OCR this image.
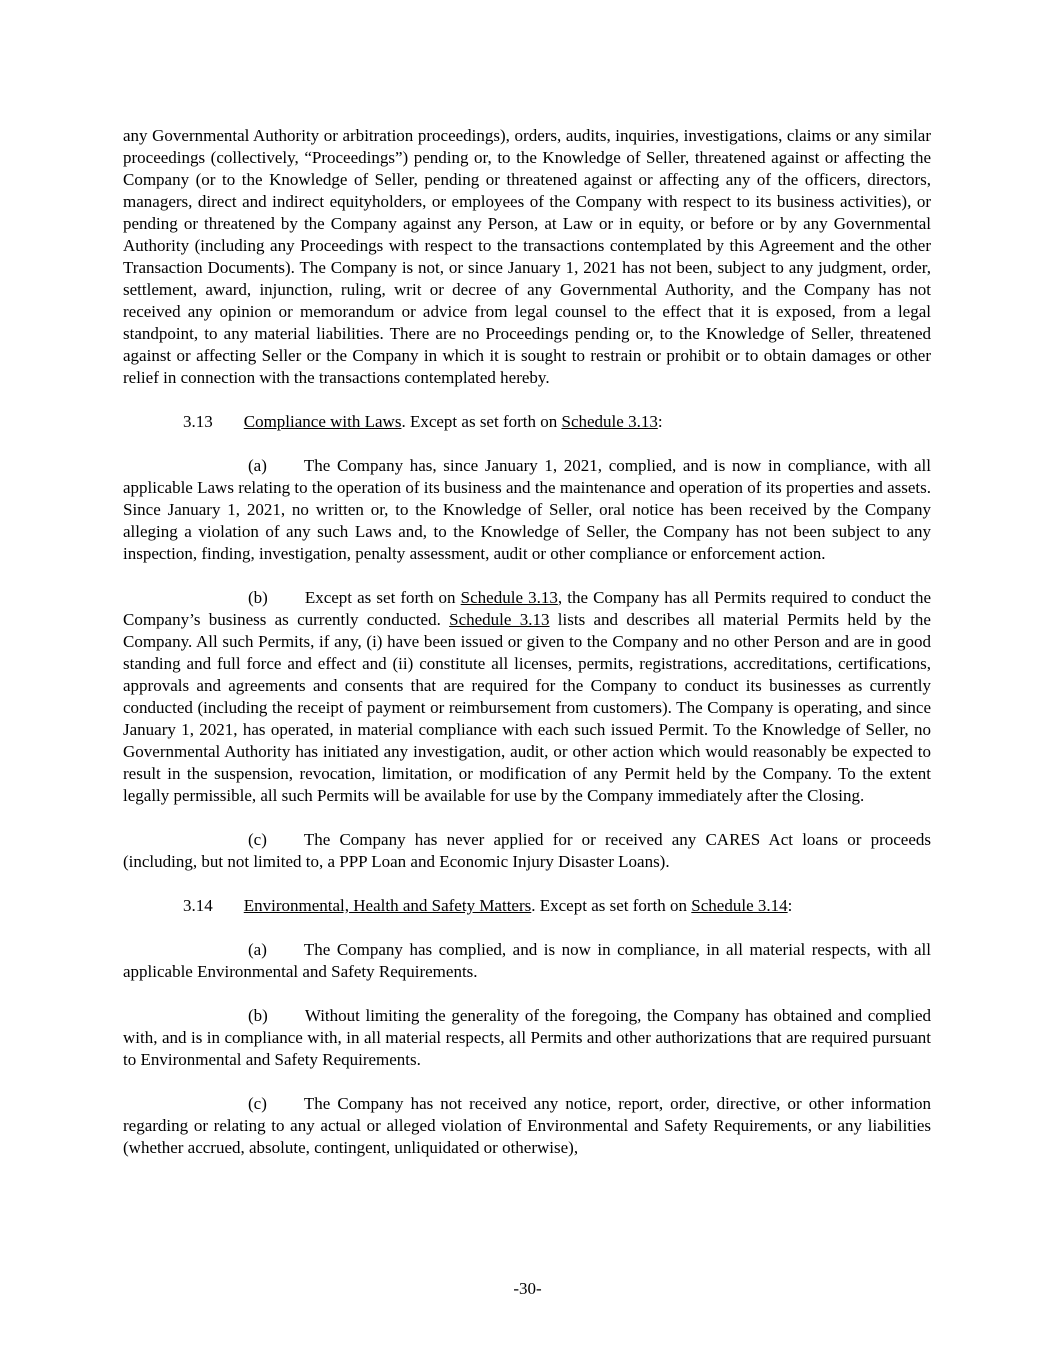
any Governmental Authority or arbitration proceedings), orders, audits, inquiries, investigations, claims or any similar proceedings (collectively, “Proceedings”) pending or, to the Knowledge of Seller, threatened against or affecting the Company (or to the Knowledge of Seller, pending or threatened against or affecting any of the officers, directors, managers, direct and indirect equityholders, or employees of the Company with respect to its business activities), or pending or threatened by the Company against any Person, at Law or in equity, or before or by any Governmental Authority (including any Proceedings with respect to the transactions contemplated by this Agreement and the other Transaction Documents). The Company is not, or since January 1, 2021 has not been, subject to any judgment, order, settlement, award, injunction, ruling, writ or decree of any Governmental Authority, and the Company has not received any opinion or memorandum or advice from legal counsel to the effect that it is exposed, from a legal standpoint, to any material liabilities. There are no Proceedings pending or, to the Knowledge of Seller, threatened against or affecting Seller or the Company in which it is sought to restrain or prohibit or to obtain damages or other relief in connection with the transactions contemplated hereby.

3.13 Compliance with Laws. Except as set forth on Schedule 3.13:

(a) The Company has, since January 1, 2021, complied, and is now in compliance, with all applicable Laws relating to the operation of its business and the maintenance and operation of its properties and assets. Since January 1, 2021, no written or, to the Knowledge of Seller, oral notice has been received by the Company alleging a violation of any such Laws and, to the Knowledge of Seller, the Company has not been subject to any inspection, finding, investigation, penalty assessment, audit or other compliance or enforcement action.

(b) Except as set forth on Schedule 3.13, the Company has all Permits required to conduct the Company’s business as currently conducted. Schedule 3.13 lists and describes all material Permits held by the Company. All such Permits, if any, (i) have been issued or given to the Company and no other Person and are in good standing and full force and effect and (ii) constitute all licenses, permits, registrations, accreditations, certifications, approvals and agreements and consents that are required for the Company to conduct its businesses as currently conducted (including the receipt of payment or reimbursement from customers). The Company is operating, and since January 1, 2021, has operated, in material compliance with each such issued Permit. To the Knowledge of Seller, no Governmental Authority has initiated any investigation, audit, or other action which would reasonably be expected to result in the suspension, revocation, limitation, or modification of any Permit held by the Company. To the extent legally permissible, all such Permits will be available for use by the Company immediately after the Closing.

(c) The Company has never applied for or received any CARES Act loans or proceeds (including, but not limited to, a PPP Loan and Economic Injury Disaster Loans).

3.14 Environmental, Health and Safety Matters. Except as set forth on Schedule 3.14:

(a) The Company has complied, and is now in compliance, in all material respects, with all applicable Environmental and Safety Requirements.

(b) Without limiting the generality of the foregoing, the Company has obtained and complied with, and is in compliance with, in all material respects, all Permits and other authorizations that are required pursuant to Environmental and Safety Requirements.

(c) The Company has not received any notice, report, order, directive, or other information regarding or relating to any actual or alleged violation of Environmental and Safety Requirements, or any liabilities (whether accrued, absolute, contingent, unliquidated or otherwise),

-30-
